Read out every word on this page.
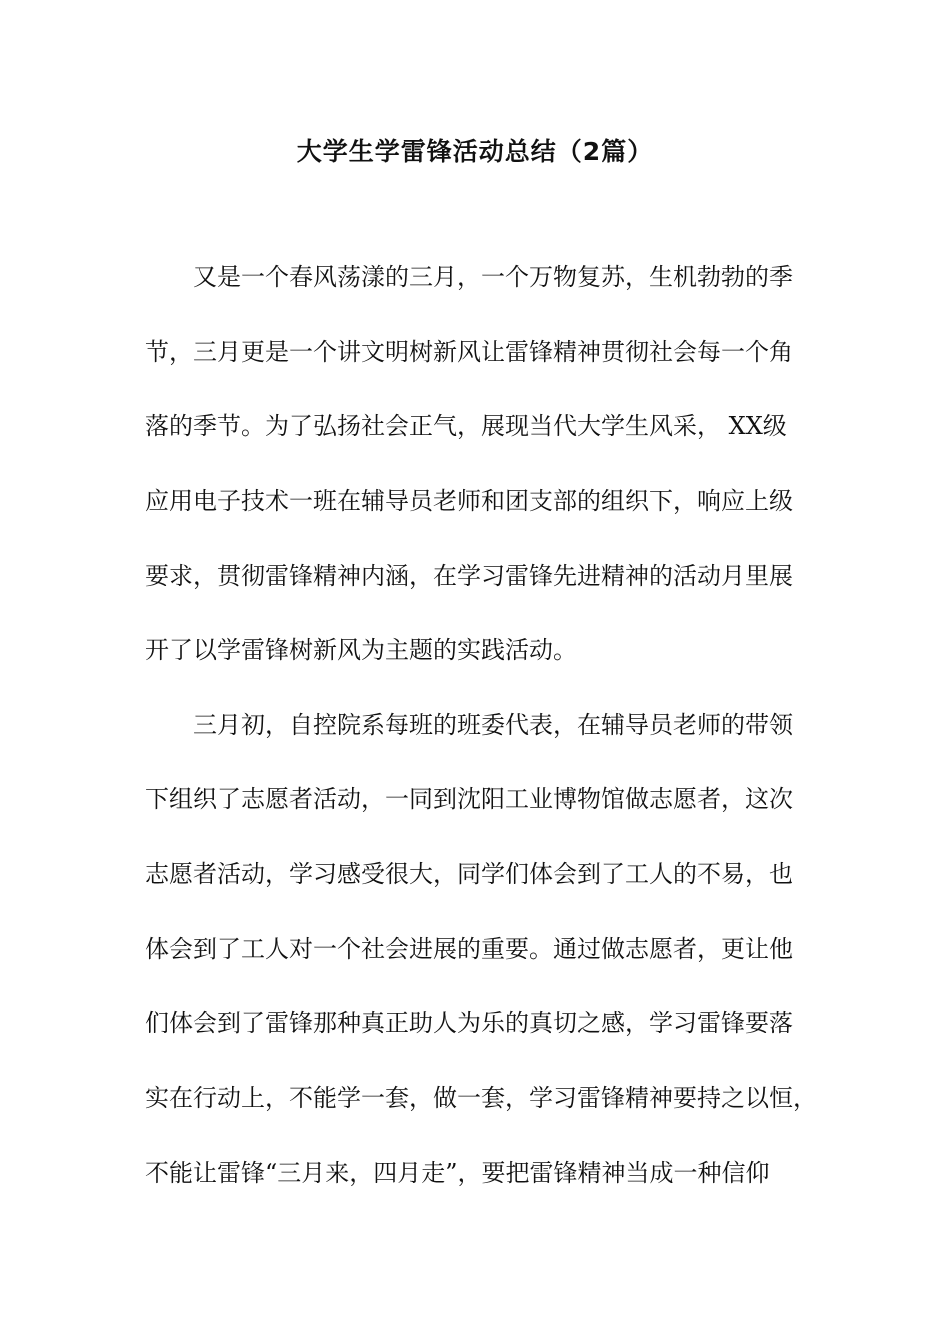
大学生学雷锋活动总结（2篇）
又是一个春风荡漾的三月，一个万物复苏，生机勃勃的季
节，三月更是一个讲文明树新风让雷锋精神贯彻社会每一个角
落的季节。为了弘扬社会正气，展现当代大学生风采， XX级
应用电子技术一班在辅导员老师和团支部的组织下，响应上级
要求，贯彻雷锋精神内涵，在学习雷锋先进精神的活动月里展
开了以学雷锋树新风为主题的实践活动。
三月初，自控院系每班的班委代表，在辅导员老师的带领
下组织了志愿者活动，一同到沈阳工业博物馆做志愿者，这次
志愿者活动，学习感受很大，同学们体会到了工人的不易，也
体会到了工人对一个社会进展的重要。通过做志愿者，更让他
们体会到了雷锋那种真正助人为乐的真切之感，学习雷锋要落
实在行动上，不能学一套，做一套，学习雷锋精神要持之以恒，
不能让雷锋“三月来，四月走”，要把雷锋精神当成一种信仰
